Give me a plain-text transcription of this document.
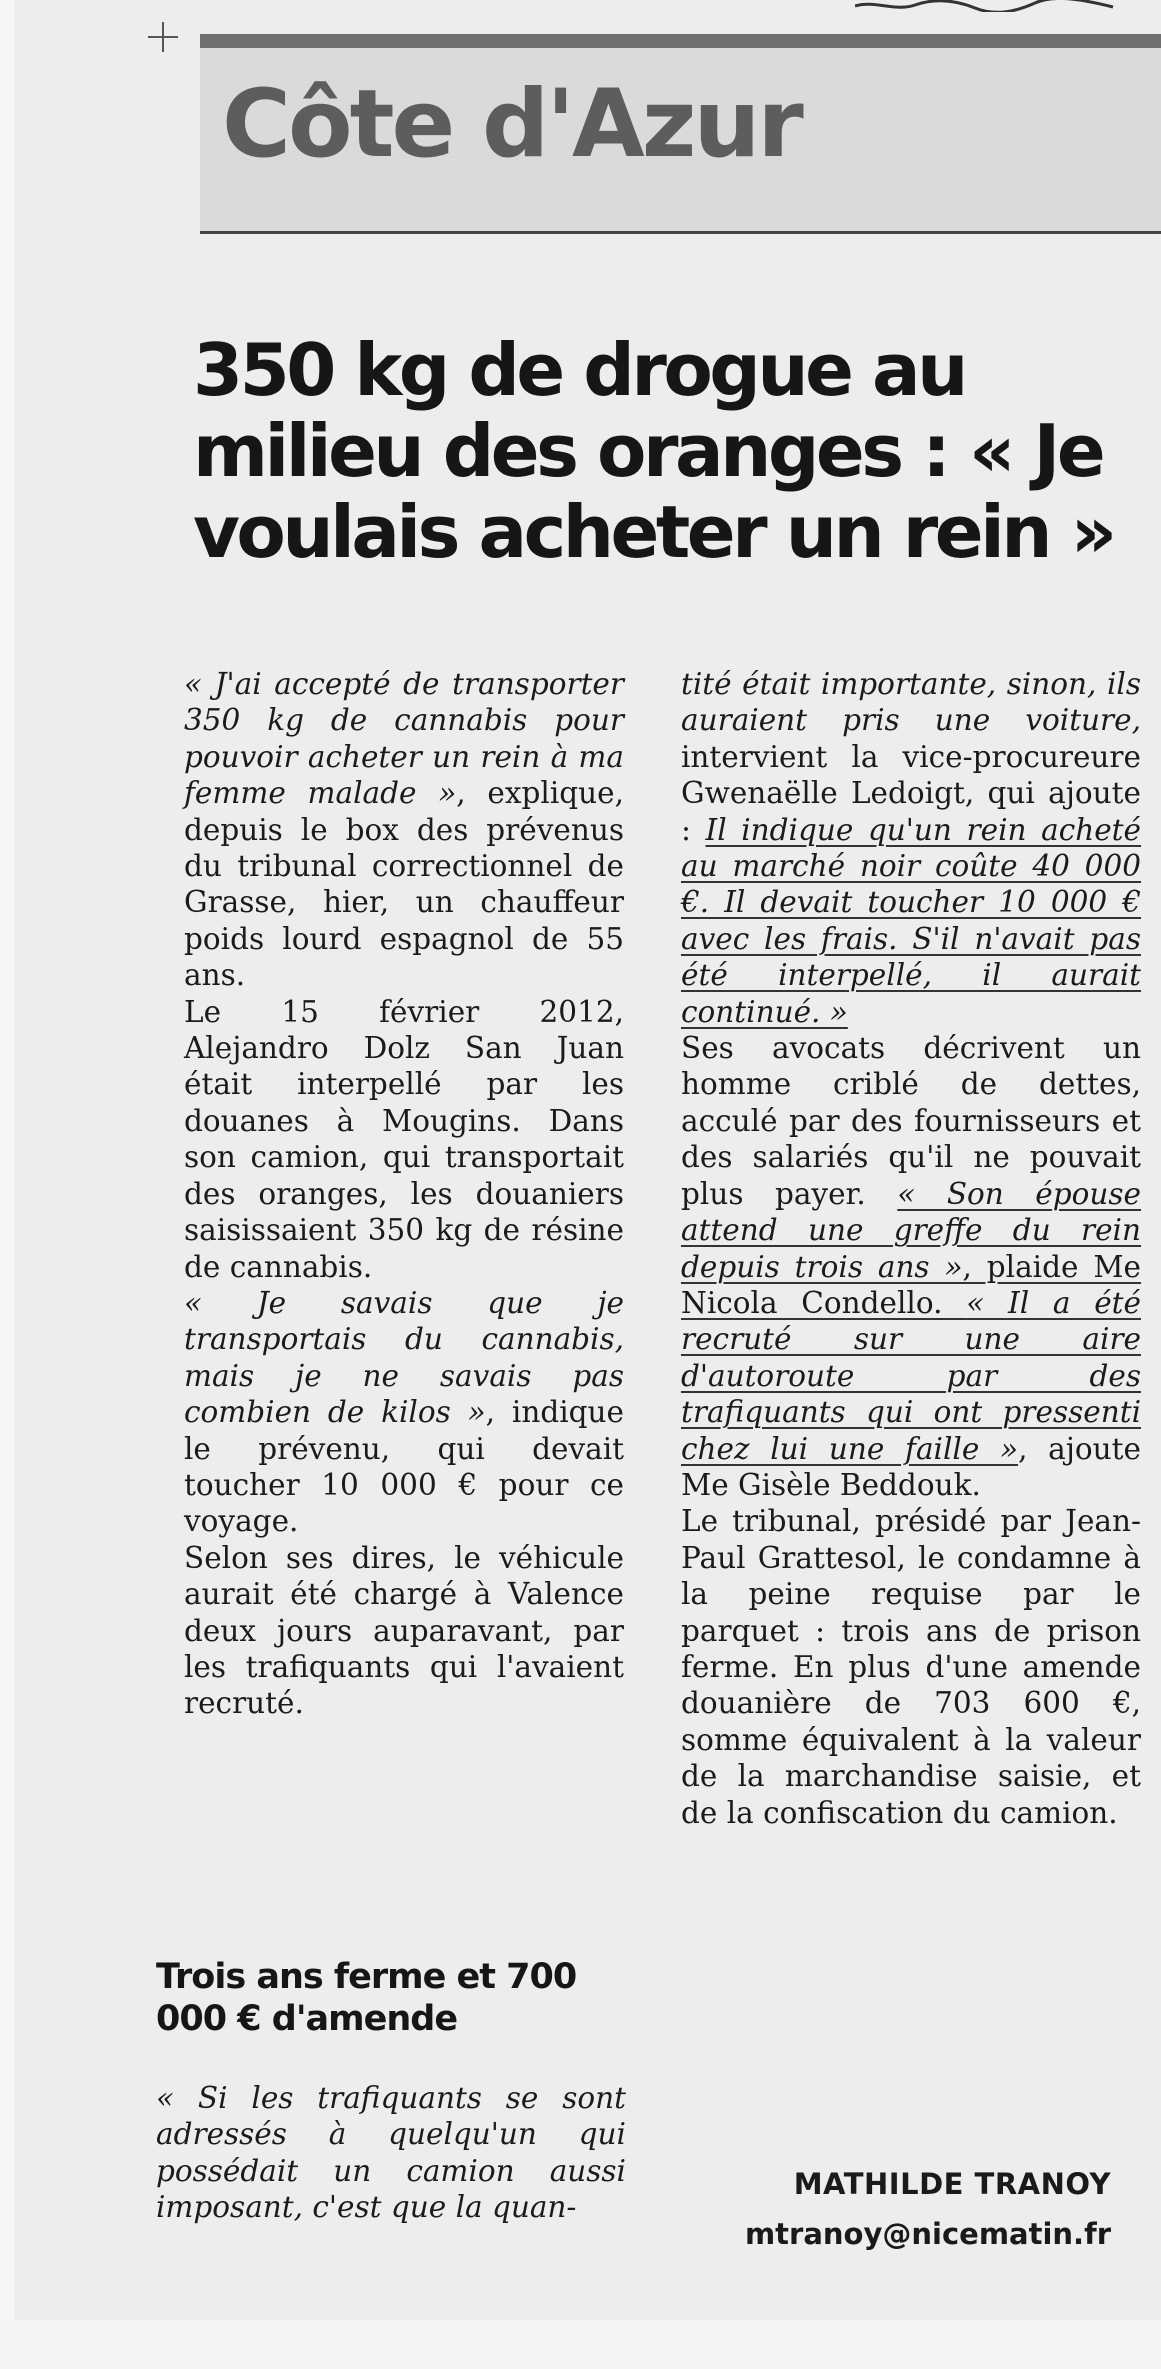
Côte d'Azur
350 kg de drogue au milieu des oranges : « Je voulais acheter un rein »

« J'ai accepté de transporter 350 kg de cannabis pour pouvoir acheter un rein à ma femme malade », explique, depuis le box des prévenus du tribunal correctionnel de Grasse, hier, un chauffeur poids lourd espagnol de 55 ans.

Le 15 février 2012, Alejandro Dolz San Juan était interpellé par les douanes à Mougins. Dans son camion, qui transportait des oranges, les douaniers saisissaient 350 kg de résine de cannabis.

« Je savais que je transportais du cannabis, mais je ne savais pas combien de kilos », indique le prévenu, qui devait toucher 10 000 € pour ce voyage.

Selon ses dires, le véhicule aurait été chargé à Valence deux jours auparavant, par les trafiquants qui l'avaient recruté.

Trois ans ferme et 700 000 € d'amende

« Si les trafiquants se sont adressés à quelqu'un qui possédait un camion aussi imposant, c'est que la quan-

tité était importante, sinon, ils auraient pris une voiture, intervient la vice-procureure Gwenaëlle Ledoigt, qui ajoute : Il indique qu'un rein acheté au marché noir coûte 40 000 €. Il devait toucher 10 000 € avec les frais. S'il n'avait pas été interpellé, il aurait continué. »

Ses avocats décrivent un homme criblé de dettes, acculé par des fournisseurs et des salariés qu'il ne pouvait plus payer. « Son épouse attend une greffe du rein depuis trois ans », plaide Me Nicola Condello. « Il a été recruté sur une aire d'autoroute par des trafiquants qui ont pressenti chez lui une faille », ajoute Me Gisèle Beddouk.

Le tribunal, présidé par Jean-Paul Grattesol, le condamne à la peine requise par le parquet : trois ans de prison ferme. En plus d'une amende douanière de 703 600 €, somme équivalent à la valeur de la marchandise saisie, et de la confiscation du camion.

MATHILDE TRANOY
mtranoy@nicematin.fr
